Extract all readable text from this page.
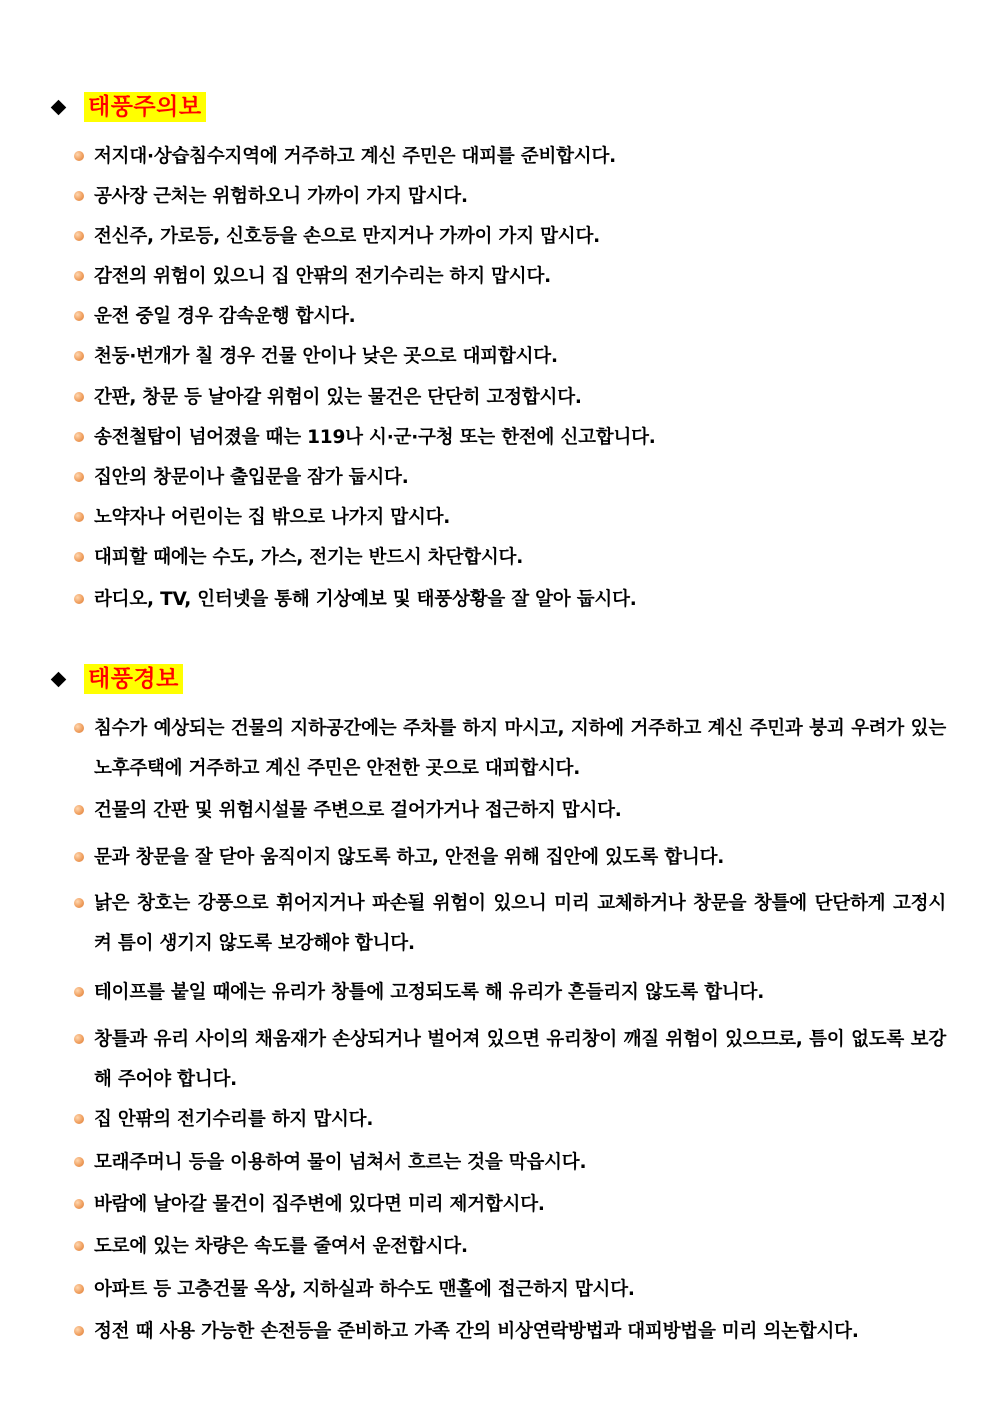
태풍주의보
저지대·상습침수지역에 거주하고 계신 주민은 대피를 준비합시다.
공사장 근처는 위험하오니 가까이 가지 맙시다.
전신주, 가로등, 신호등을 손으로 만지거나 가까이 가지 맙시다.
감전의 위험이 있으니 집 안팎의 전기수리는 하지 맙시다.
운전 중일 경우 감속운행 합시다.
천둥·번개가 칠 경우 건물 안이나 낮은 곳으로 대피합시다.
간판, 창문 등 날아갈 위험이 있는 물건은 단단히 고정합시다.
송전철탑이 넘어졌을 때는 119나 시·군·구청 또는 한전에 신고합니다.
집안의 창문이나 출입문을 잠가 둡시다.
노약자나 어린이는 집 밖으로 나가지 맙시다.
대피할 때에는 수도, 가스, 전기는 반드시 차단합시다.
라디오, TV, 인터넷을 통해 기상예보 및 태풍상황을 잘 알아 둡시다.
태풍경보
침수가 예상되는 건물의 지하공간에는 주차를 하지 마시고, 지하에 거주하고 계신 주민과 붕괴 우려가 있는 노후주택에 거주하고 계신 주민은 안전한 곳으로 대피합시다.
건물의 간판 및 위험시설물 주변으로 걸어가거나 접근하지 맙시다.
문과 창문을 잘 닫아 움직이지 않도록 하고, 안전을 위해 집안에 있도록 합니다.
낡은 창호는 강풍으로 휘어지거나 파손될 위험이 있으니 미리 교체하거나 창문을 창틀에 단단하게 고정시켜 틈이 생기지 않도록 보강해야 합니다.
테이프를 붙일 때에는 유리가 창틀에 고정되도록 해 유리가 흔들리지 않도록 합니다.
창틀과 유리 사이의 채움재가 손상되거나 벌어져 있으면 유리창이 깨질 위험이 있으므로, 틈이 없도록 보강해 주어야 합니다.
집 안팎의 전기수리를 하지 맙시다.
모래주머니 등을 이용하여 물이 넘쳐서 흐르는 것을 막읍시다.
바람에 날아갈 물건이 집주변에 있다면 미리 제거합시다.
도로에 있는 차량은 속도를 줄여서 운전합시다.
아파트 등 고층건물 옥상, 지하실과 하수도 맨홀에 접근하지 맙시다.
정전 때 사용 가능한 손전등을 준비하고 가족 간의 비상연락방법과 대피방법을 미리 의논합시다.
